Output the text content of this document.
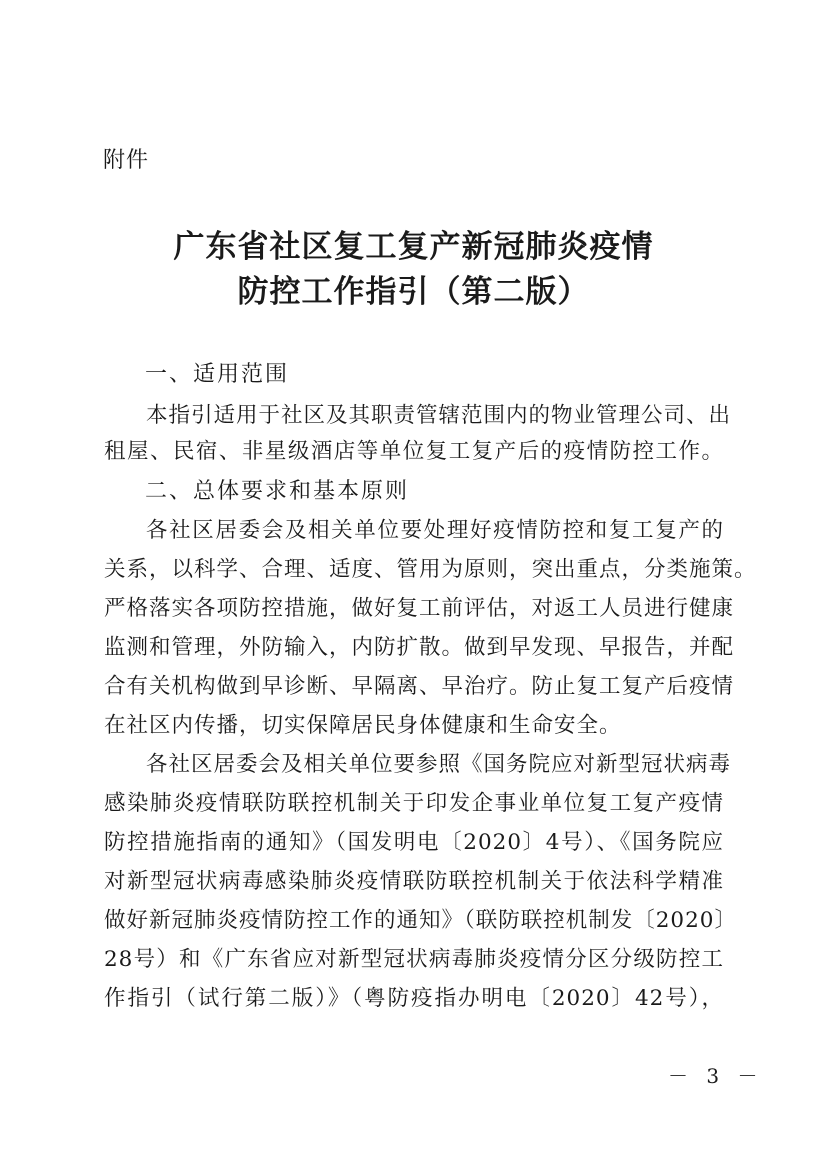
附件
广东省社区复工复产新冠肺炎疫情
防控工作指引（第二版）
一、适用范围
本指引适用于社区及其职责管辖范围内的物业管理公司、出
租屋、民宿、非星级酒店等单位复工复产后的疫情防控工作。
二、总体要求和基本原则
各社区居委会及相关单位要处理好疫情防控和复工复产的
关系，以科学、合理、适度、管用为原则，突出重点，分类施策。
严格落实各项防控措施，做好复工前评估，对返工人员进行健康
监测和管理，外防输入，内防扩散。做到早发现、早报告，并配
合有关机构做到早诊断、早隔离、早治疗。防止复工复产后疫情
在社区内传播，切实保障居民身体健康和生命安全。
各社区居委会及相关单位要参照《国务院应对新型冠状病毒
感染肺炎疫情联防联控机制关于印发企事业单位复工复产疫情
防控措施指南的通知》（国发明电〔2020〕4号）、《国务院应
对新型冠状病毒感染肺炎疫情联防联控机制关于依法科学精准
做好新冠肺炎疫情防控工作的通知》（联防联控机制发〔2020〕
28号）和《广东省应对新型冠状病毒肺炎疫情分区分级防控工
作指引（试行第二版）》（粤防疫指办明电〔2020〕42号），
－ 3 －
